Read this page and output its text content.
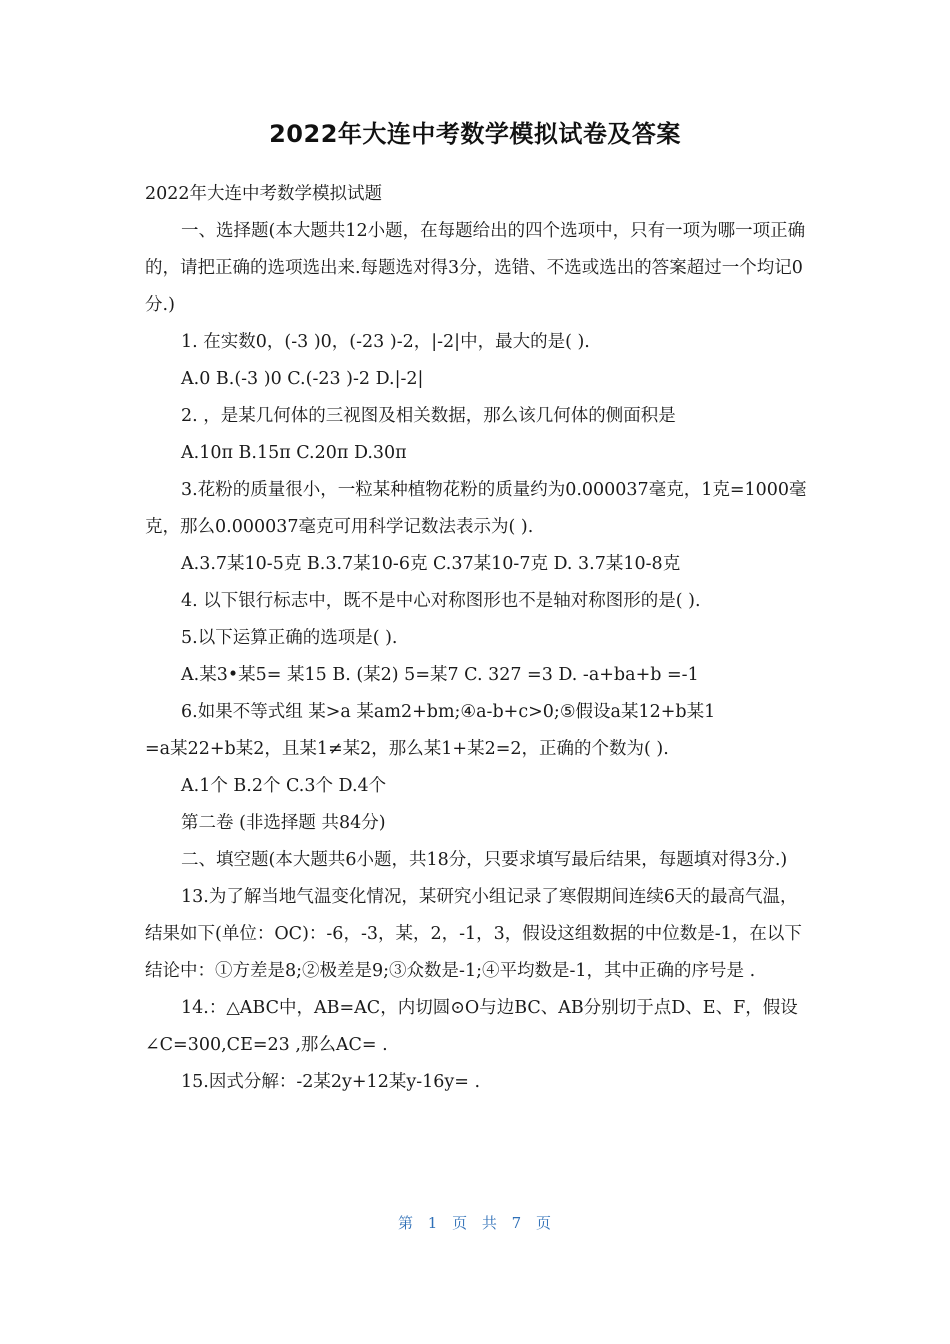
2022年大连中考数学模拟试卷及答案

2022年大连中考数学模拟试题

一、选择题(本大题共12小题，在每题给出的四个选项中，只有一项为哪一项正确的，请把正确的选项选出来.每题选对得3分，选错、不选或选出的答案超过一个均记0分.)

1. 在实数0，(-3 )0，(-23 )-2，|-2|中，最大的是( ).

A.0 B.(-3 )0 C.(-23 )-2 D.|-2|

2. ，是某几何体的三视图及相关数据，那么该几何体的侧面积是

A.10π B.15π C.20π D.30π

3.花粉的质量很小，一粒某种植物花粉的质量约为0.000037毫克，1克=1000毫克，那么0.000037毫克可用科学记数法表示为( ).

A.3.7某10-5克 B.3.7某10-6克 C.37某10-7克 D. 3.7某10-8克

4. 以下银行标志中，既不是中心对称图形也不是轴对称图形的是( ).

5.以下运算正确的选项是( ).

A.某3•某5= 某15 B. (某2) 5=某7 C. 327 =3 D. -a+ba+b =-1

6.如果不等式组 某>a 某am2+bm;④a-b+c>0;⑤假设a某12+b某1

=a某22+b某2，且某1≠某2，那么某1+某2=2，正确的个数为( ).

A.1个 B.2个 C.3个 D.4个

第二卷 (非选择题 共84分)

二、填空题(本大题共6小题，共18分，只要求填写最后结果，每题填对得3分.)

13.为了解当地气温变化情况，某研究小组记录了寒假期间连续6天的最高气温，结果如下(单位：OC)：-6，-3，某，2，-1，3，假设这组数据的中位数是-1，在以下结论中：①方差是8;②极差是9;③众数是-1;④平均数是-1，其中正确的序号是 .

14.：△ABC中，AB=AC，内切圆⊙O与边BC、AB分别切于点D、E、F，假设∠C=300,CE=23 ,那么AC= .

15.因式分解：-2某2y+12某y-16y= .

第 1 页 共 7 页
